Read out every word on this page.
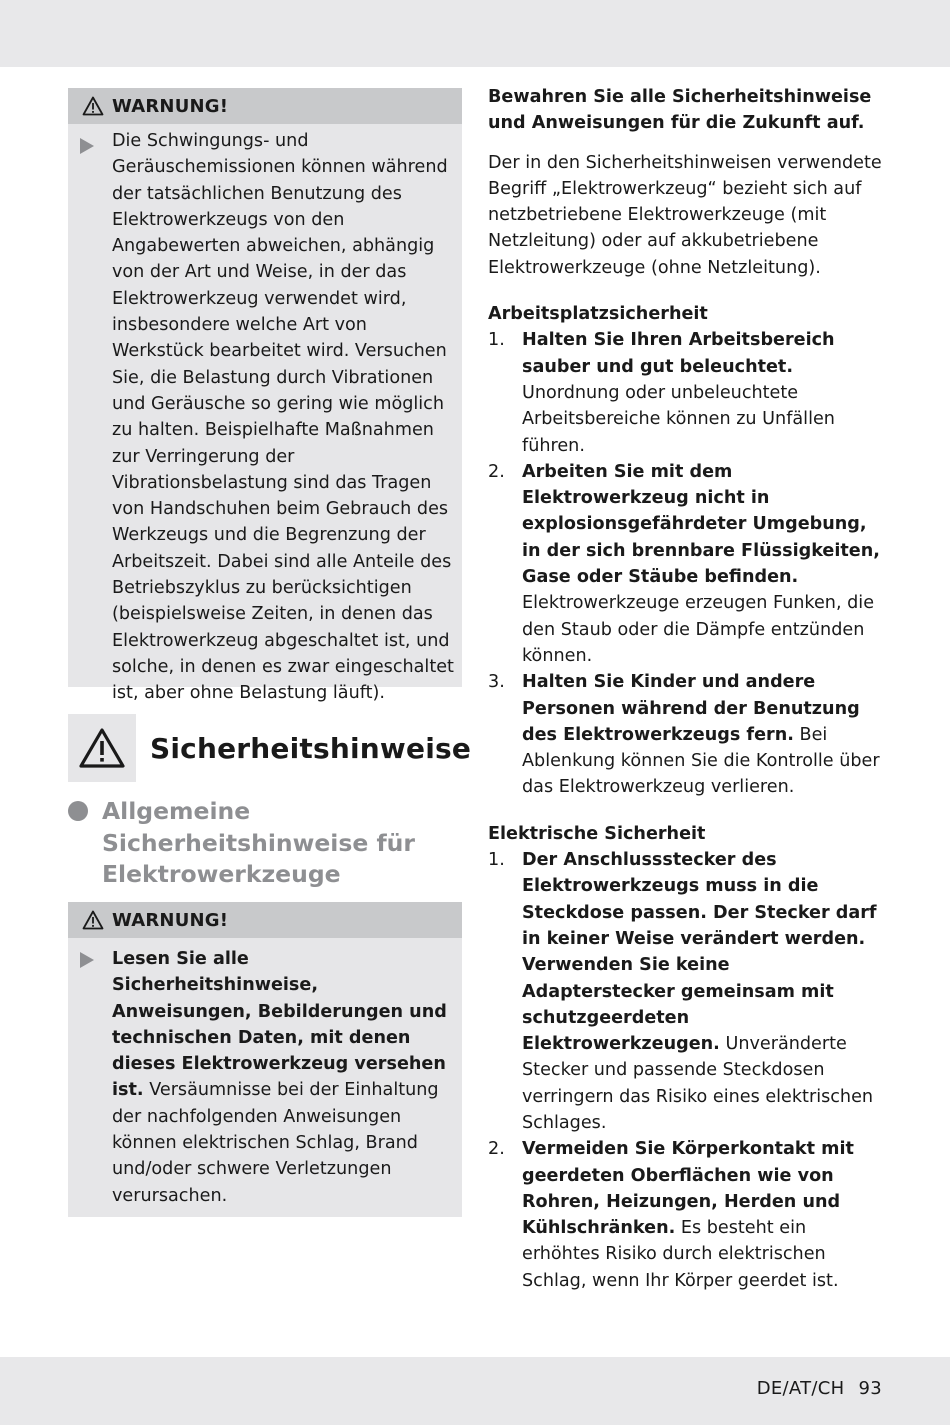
WARNUNG!
Die Schwingungs- und Geräuschemissionen können während der tatsächlichen Benutzung des Elektrowerkzeugs von den Angabewerten abweichen, abhängig von der Art und Weise, in der das Elektrowerkzeug verwendet wird, insbesondere welche Art von Werkstück bearbeitet wird. Versuchen Sie, die Belastung durch Vibrationen und Geräusche so gering wie möglich zu halten. Beispielhafte Maßnahmen zur Verringerung der Vibrationsbelastung sind das Tragen von Handschuhen beim Gebrauch des Werkzeugs und die Begrenzung der Arbeitszeit. Dabei sind alle Anteile des Betriebszyklus zu berücksichtigen (beispielsweise Zeiten, in denen das Elektrowerkzeug abgeschaltet ist, und solche, in denen es zwar eingeschaltet ist, aber ohne Belastung läuft).
Sicherheitshinweise
Allgemeine Sicherheitshinweise für Elektrowerkzeuge
WARNUNG!
Lesen Sie alle Sicherheitshinweise, Anweisungen, Bebilderungen und technischen Daten, mit denen dieses Elektrowerkzeug versehen ist. Versäumnisse bei der Einhaltung der nachfolgenden Anweisungen können elektrischen Schlag, Brand und/oder schwere Verletzungen verursachen.

Bewahren Sie alle Sicherheitshinweise und Anweisungen für die Zukunft auf.

Der in den Sicherheitshinweisen verwendete Begriff „Elektrowerkzeug“ bezieht sich auf netzbetriebene Elektrowerkzeuge (mit Netzleitung) oder auf akkubetriebene Elektrowerkzeuge (ohne Netzleitung).

Arbeitsplatzsicherheit

1. Halten Sie Ihren Arbeitsbereich sauber und gut beleuchtet. Unordnung oder unbeleuchtete Arbeitsbereiche können zu Unfällen führen.
2. Arbeiten Sie mit dem Elektrowerkzeug nicht in explosionsgefährdeter Umgebung, in der sich brennbare Flüssigkeiten, Gase oder Stäube befinden. Elektrowerkzeuge erzeugen Funken, die den Staub oder die Dämpfe entzünden können.
3. Halten Sie Kinder und andere Personen während der Benutzung des Elektrowerkzeugs fern. Bei Ablenkung können Sie die Kontrolle über das Elektrowerkzeug verlieren.

Elektrische Sicherheit

1. Der Anschlussstecker des Elektrowerkzeugs muss in die Steckdose passen. Der Stecker darf in keiner Weise verändert werden. Verwenden Sie keine Adapterstecker gemeinsam mit schutzgeerdeten Elektrowerkzeugen. Unveränderte Stecker und passende Steckdosen verringern das Risiko eines elektrischen Schlages.
2. Vermeiden Sie Körperkontakt mit geerdeten Oberflächen wie von Rohren, Heizungen, Herden und Kühlschränken. Es besteht ein erhöhtes Risiko durch elektrischen Schlag, wenn Ihr Körper geerdet ist.
DE/AT/CH 93
